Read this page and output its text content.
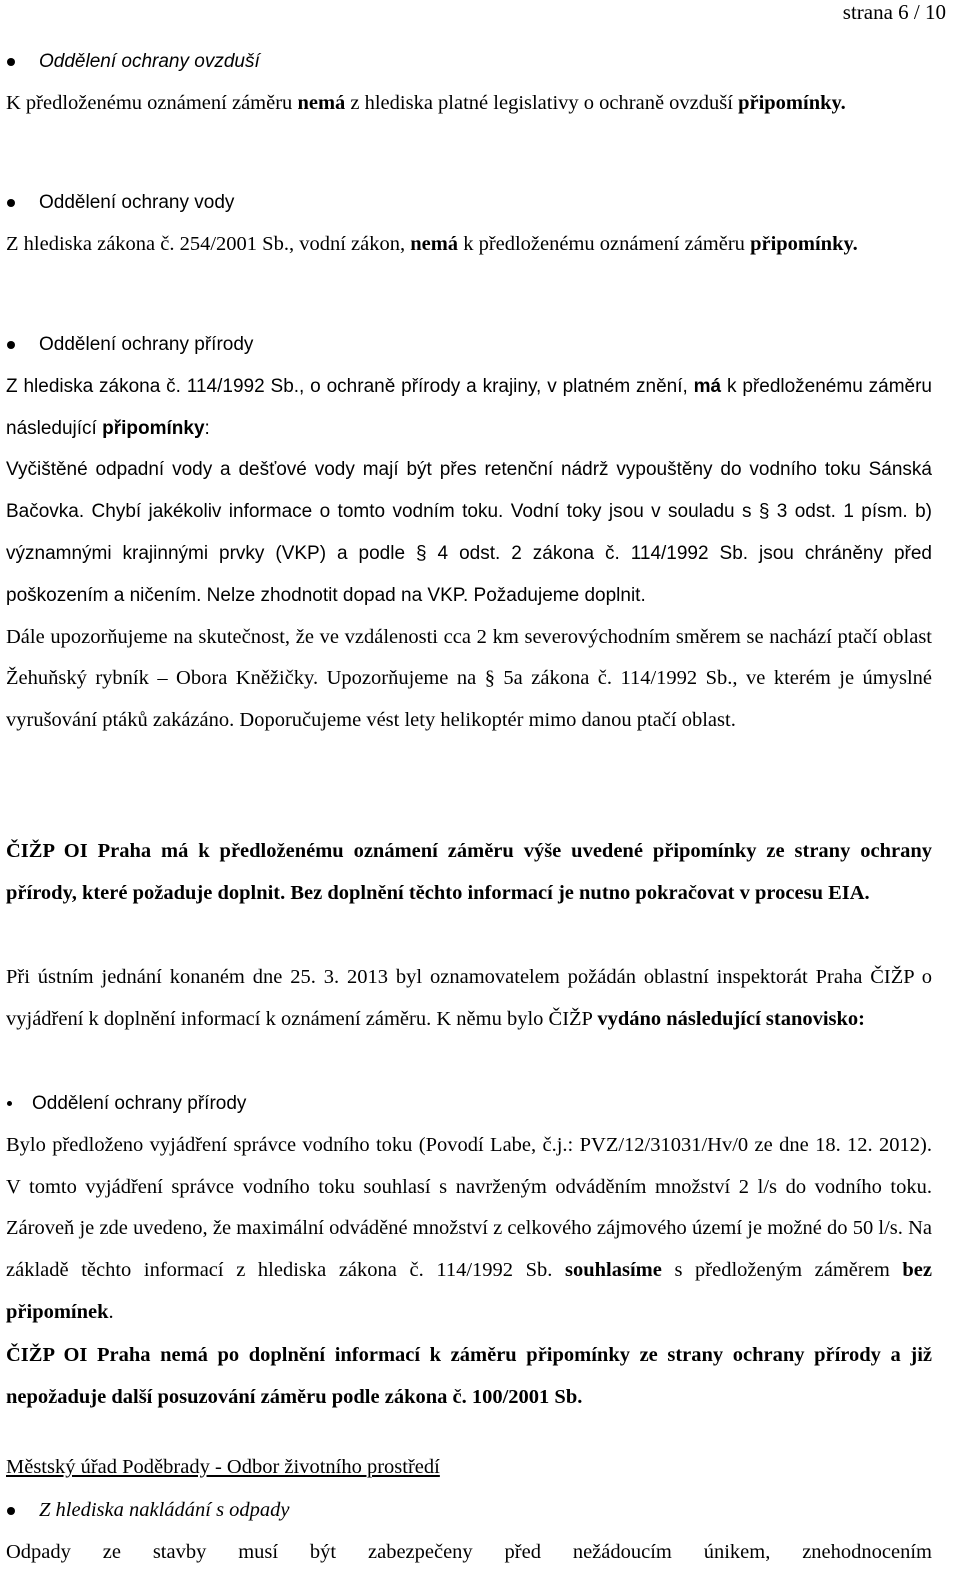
strana 6 / 10
Oddělení ochrany ovzduší

K předloženému oznámení záměru nemá z hlediska platné legislativy o ochraně ovzduší připomínky.

Oddělení ochrany vody

Z hlediska zákona č. 254/2001 Sb., vodní zákon, nemá k předloženému oznámení záměru připomínky.

Oddělení ochrany přírody

Z hlediska zákona č. 114/1992 Sb., o ochraně přírody a krajiny, v platném znění, má k předloženému záměru následující připomínky:

Vyčištěné odpadní vody a dešťové vody mají být přes retenční nádrž vypouštěny do vodního toku Sánská Bačovka. Chybí jakékoliv informace o tomto vodním toku. Vodní toky jsou v souladu s § 3 odst. 1 písm. b) významnými krajinnými prvky (VKP) a podle § 4 odst. 2 zákona č. 114/1992 Sb. jsou chráněny před poškozením a ničením. Nelze zhodnotit dopad na VKP. Požadujeme doplnit.

Dále upozorňujeme na skutečnost, že ve vzdálenosti cca 2 km severovýchodním směrem se nachází ptačí oblast Žehuňský rybník – Obora Kněžičky. Upozorňujeme na § 5a zákona č. 114/1992 Sb., ve kterém je úmyslné vyrušování ptáků zakázáno. Doporučujeme vést lety helikoptér mimo danou ptačí oblast.

ČIŽP OI Praha má k předloženému oznámení záměru výše uvedené připomínky ze strany ochrany přírody, které požaduje doplnit. Bez doplnění těchto informací je nutno pokračovat v procesu EIA.

Při ústním jednání konaném dne 25. 3. 2013 byl oznamovatelem požádán oblastní inspektorát Praha ČIŽP o vyjádření k doplnění informací k oznámení záměru. K němu bylo ČIŽP vydáno následující stanovisko:

Oddělení ochrany přírody

Bylo předloženo vyjádření správce vodního toku (Povodí Labe, č.j.: PVZ/12/31031/Hv/0 ze dne 18. 12. 2012). V tomto vyjádření správce vodního toku souhlasí s navrženým odváděním množství 2 l/s do vodního toku. Zároveň je zde uvedeno, že maximální odváděné množství z celkového zájmového území je možné do 50 l/s. Na základě těchto informací z hlediska zákona č. 114/1992 Sb. souhlasíme s předloženým záměrem bez připomínek.

ČIŽP OI Praha nemá po doplnění informací k záměru připomínky ze strany ochrany přírody a již nepožaduje další posuzování záměru podle zákona č. 100/2001 Sb.

Městský úřad Poděbrady - Odbor životního prostředí

Z hlediska nakládání s odpady

Odpady ze stavby musí být zabezpečeny před nežádoucím únikem, znehodnocením
